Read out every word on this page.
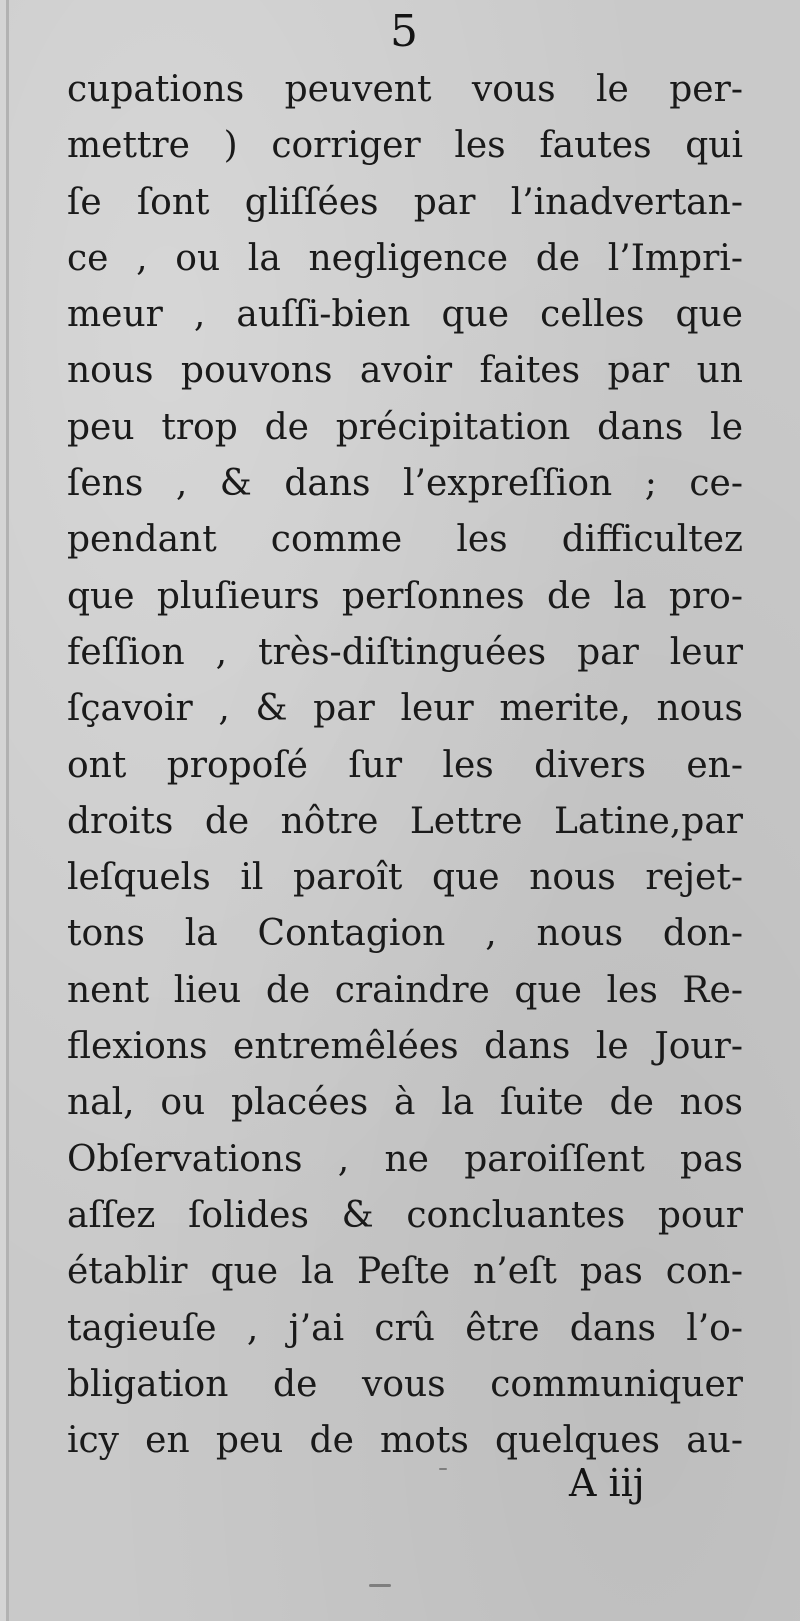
5
cupations peuvent vous le per-
mettre ) corriger les fautes qui
ſe ſont gliſſées par l’inadvertan-
ce , ou la negligence de l’Impri-
meur , auſſi-bien que celles que
nous pouvons avoir faites par un
peu trop de précipitation dans le
ſens , & dans l’expreſſion ; ce-
pendant comme les difficultez
que pluſieurs perſonnes de la pro-
feſſion , très-diſtinguées par leur
ſçavoir , & par leur merite, nous
ont propoſé ſur les divers en-
droits de nôtre Lettre Latine,par
leſquels il paroît que nous rejet-
tons la Contagion , nous don-
nent lieu de craindre que les Re-
flexions entremêlées dans le Jour-
nal, ou placées à la ſuite de nos
Obſervations , ne paroiſſent pas
aſſez ſolides & concluantes pour
établir que la Peſte n’eſt pas con-
tagieuſe , j’ai crû être dans l’o-
bligation de vous communiquer
icy en peu de mots quelques au-
A iij
